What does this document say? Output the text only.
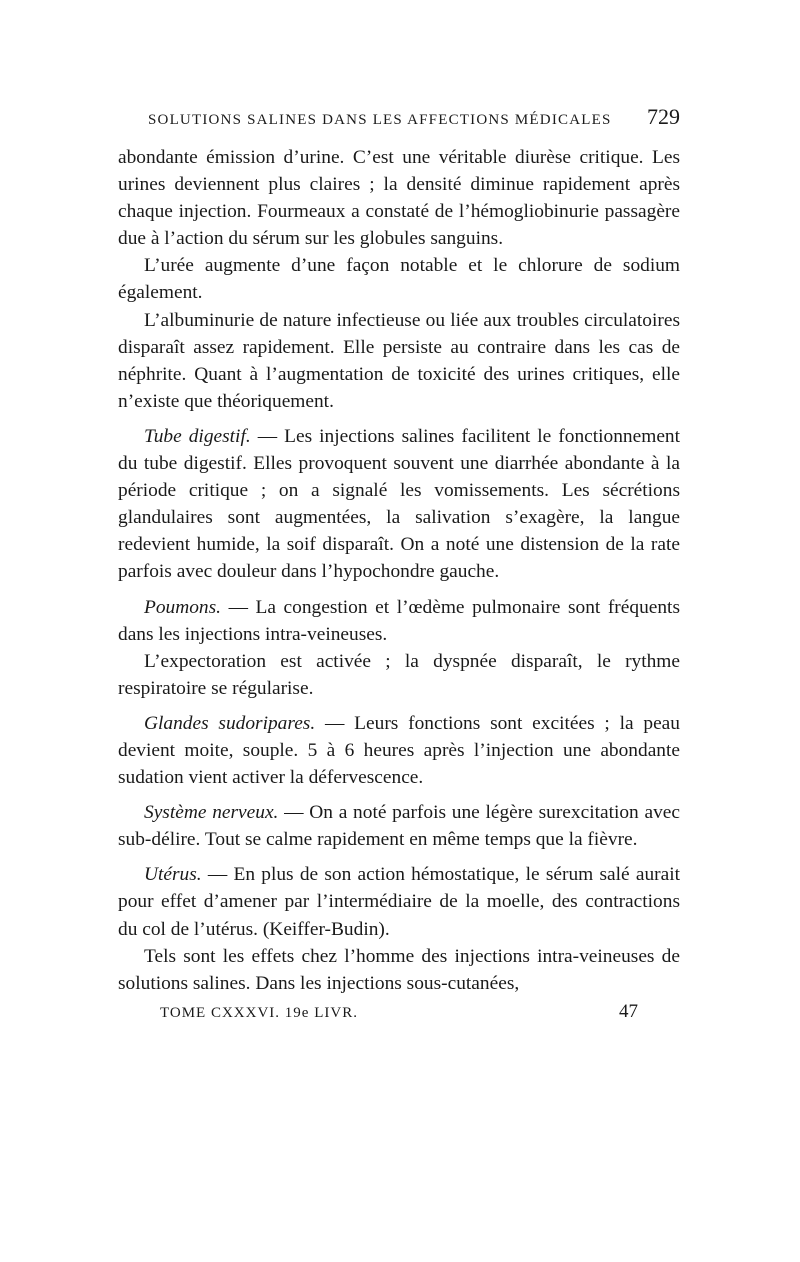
SOLUTIONS SALINES DANS LES AFFECTIONS MÉDICALES 729

abondante émission d’urine. C’est une véritable diurèse critique. Les urines deviennent plus claires ; la densité diminue rapidement après chaque injection. Fourmeaux a constaté de l’hémogliobinurie passagère due à l’action du sérum sur les globules sanguins.

L’urée augmente d’une façon notable et le chlorure de sodium également.

L’albuminurie de nature infectieuse ou liée aux troubles circulatoires disparaît assez rapidement. Elle persiste au contraire dans les cas de néphrite. Quant à l’augmentation de toxicité des urines critiques, elle n’existe que théoriquement.

Tube digestif. — Les injections salines facilitent le fonctionnement du tube digestif. Elles provoquent souvent une diarrhée abondante à la période critique ; on a signalé les vomissements. Les sécrétions glandulaires sont augmentées, la salivation s’exagère, la langue redevient humide, la soif disparaît. On a noté une distension de la rate parfois avec douleur dans l’hypochondre gauche.

Poumons. — La congestion et l’œdème pulmonaire sont fréquents dans les injections intra-veineuses.

L’expectoration est activée ; la dyspnée disparaît, le rythme respiratoire se régularise.

Glandes sudoripares. — Leurs fonctions sont excitées ; la peau devient moite, souple. 5 à 6 heures après l’injection une abondante sudation vient activer la défervescence.

Système nerveux. — On a noté parfois une légère surexcitation avec sub-délire. Tout se calme rapidement en même temps que la fièvre.

Utérus. — En plus de son action hémostatique, le sérum salé aurait pour effet d’amener par l’intermédiaire de la moelle, des contractions du col de l’utérus. (Keiffer-Budin).

Tels sont les effets chez l’homme des injections intra-veineuses de solutions salines. Dans les injections sous-cutanées,

TOME CXXXVI. 19e LIVR.	47
